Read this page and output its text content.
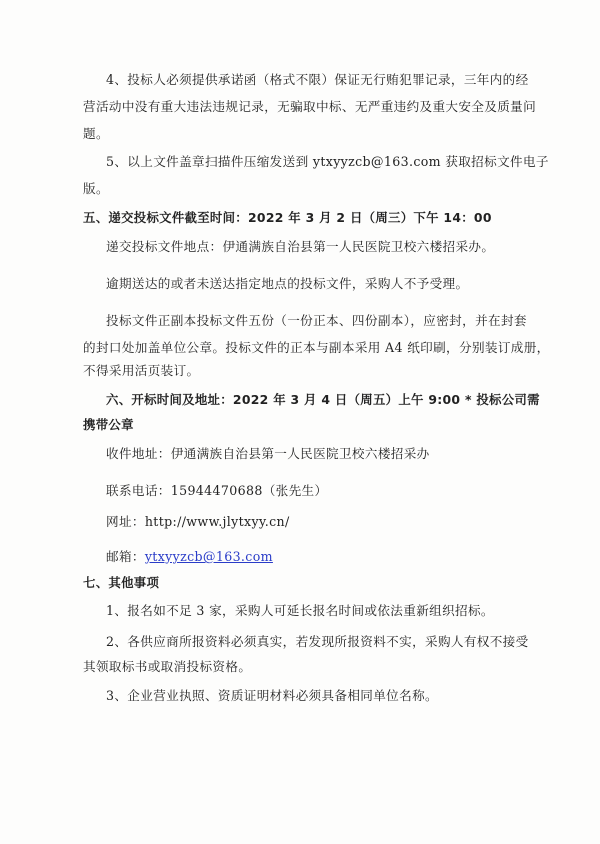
4、投标人必须提供承诺函（格式不限）保证无行贿犯罪记录，三年内的经
营活动中没有重大违法违规记录，无骗取中标、无严重违约及重大安全及质量问
题。
5、以上文件盖章扫描件压缩发送到 ytxyyzcb@163.com 获取招标文件电子
版。
五、递交投标文件截至时间：2022 年 3 月 2 日（周三）下午 14：00
递交投标文件地点：伊通满族自治县第一人民医院卫校六楼招采办。
逾期送达的或者未送达指定地点的投标文件，采购人不予受理。
投标文件正副本投标文件五份（一份正本、四份副本），应密封，并在封套
的封口处加盖单位公章。投标文件的正本与副本采用 A4 纸印刷，分别装订成册，
不得采用活页装订。
六、开标时间及地址：2022 年 3 月 4 日（周五）上午 9:00 * 投标公司需
携带公章
收件地址：伊通满族自治县第一人民医院卫校六楼招采办
联系电话：15944470688（张先生）
网址：http://www.jlytxyy.cn/
邮箱：ytxyyzcb@163.com
七、其他事项
1、报名如不足 3 家，采购人可延长报名时间或依法重新组织招标。
2、各供应商所报资料必须真实，若发现所报资料不实，采购人有权不接受
其领取标书或取消投标资格。
3、企业营业执照、资质证明材料必须具备相同单位名称。
